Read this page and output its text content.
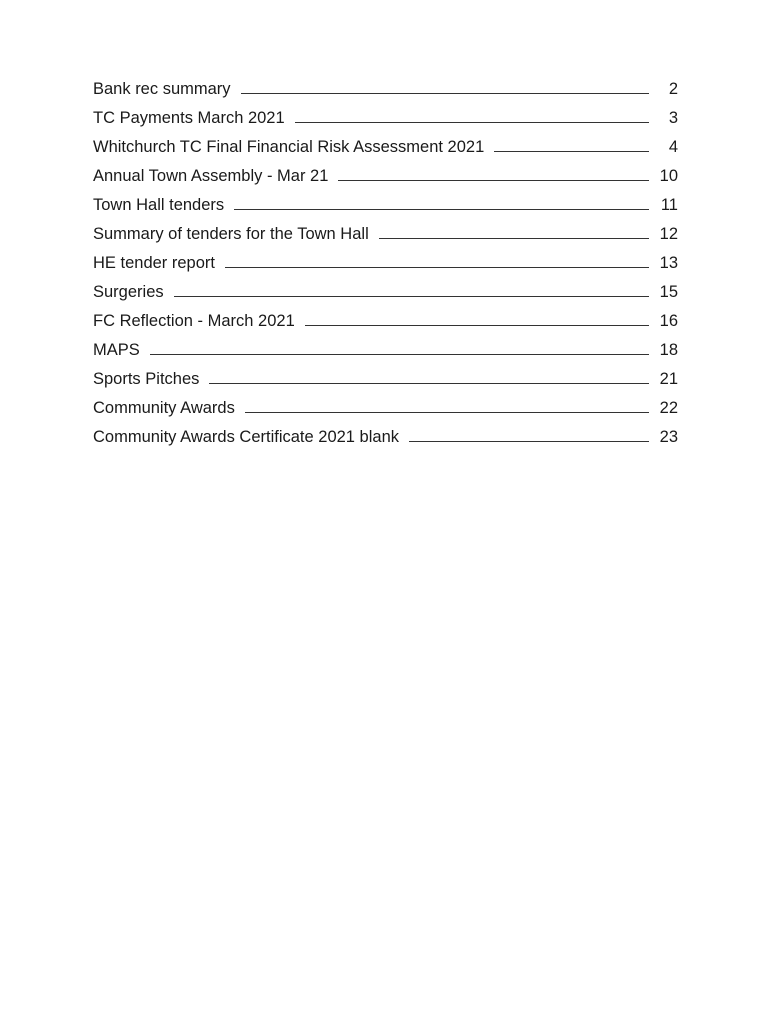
Bank rec summary	2
TC Payments March 2021	3
Whitchurch TC Final Financial Risk Assessment 2021	4
Annual Town Assembly - Mar 21	10
Town Hall tenders	11
Summary of tenders for the Town Hall	12
HE tender report	13
Surgeries	15
FC Reflection - March 2021	16
MAPS	18
Sports Pitches	21
Community Awards	22
Community Awards Certificate 2021 blank	23
